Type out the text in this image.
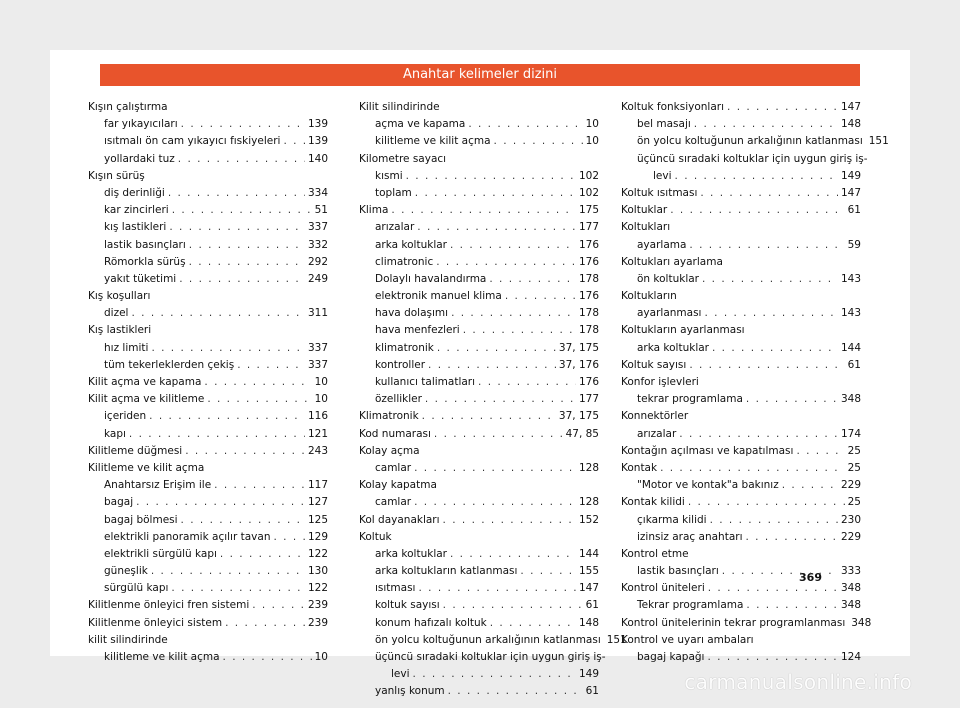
Anahtar kelimeler dizini
369
Kışın çalıştırma
far yıkayıcıları . . .	139
ısıtmalı ön cam yıkayıcı fıskiyeleri . . .	139
yollardaki tuz . . .	140
Kışın sürüş
diş derinliği . . .	334
kar zincirleri . . .	51
kış lastikleri . . .	337
lastik basınçları . . .	332
Römorkla sürüş . . .	292
yakıt tüketimi . . .	249
Kış koşulları
dizel . . .	311
Kış lastikleri
hız limiti . . .	337
tüm tekerleklerden çekiş . . .	337
Kilit açma ve kapama . . .	10
Kilit açma ve kilitleme . . .	10
içeriden . . .	116
kapı . . .	121
Kilitleme düğmesi . . .	243
Kilitleme ve kilit açma
Anahtarsız Erişim ile . . .	117
bagaj . . .	127
bagaj bölmesi . . .	125
elektrikli panoramik açılır tavan . . .	129
elektrikli sürgülü kapı . . .	122
güneşlik . . .	130
sürgülü kapı . . .	122
Kilitlenme önleyici fren sistemi . . .	239
Kilitlenme önleyici sistem . . .	239
kilit silindirinde
kilitleme ve kilit açma . . .	10
Kilit silindirinde
açma ve kapama . . .	10
kilitleme ve kilit açma . . .	10
Kilometre sayacı
kısmi . . .	102
toplam . . .	102
Klima . . .	175
arızalar . . .	177
arka koltuklar . . .	176
climatronic . . .	176
Dolaylı havalandırma . . .	178
elektronik manuel klima . . .	176
hava dolaşımı . . .	178
hava menfezleri . . .	178
klimatronik . . .	37, 175
kontroller . . .	37, 176
kullanıcı talimatları . . .	176
özellikler . . .	177
Klimatronik . . .	37, 175
Kod numarası . . .	47, 85
Kolay açma
camlar . . .	128
Kolay kapatma
camlar . . .	128
Kol dayanakları . . .	152
Koltuk
arka koltuklar . . .	144
arka koltukların katlanması . . .	155
ısıtması . . .	147
koltuk sayısı . . .	61
konum hafızalı koltuk . . .	148
ön yolcu koltuğunun arkalığının katlanması 151
üçüncü sıradaki koltuklar için uygun giriş iş-
levi . . .	149
yanlış konum . . .	61
Koltuk fonksiyonları . . .	147
bel masajı . . .	148
ön yolcu koltuğunun arkalığının katlanması 151
üçüncü sıradaki koltuklar için uygun giriş iş-
levi . . .	149
Koltuk ısıtması . . .	147
Koltuklar . . .	61
Koltukları
ayarlama . . .	59
Koltukları ayarlama
ön koltuklar . . .	143
Koltukların
ayarlanması . . .	143
Koltukların ayarlanması
arka koltuklar . . .	144
Koltuk sayısı . . .	61
Konfor işlevleri
tekrar programlama . . .	348
Konnektörler
arızalar . . .	174
Kontağın açılması ve kapatılması . . .	25
Kontak . . .	25
"Motor ve kontak"a bakınız . . .	229
Kontak kilidi . . .	25
çıkarma kilidi . . .	230
izinsiz araç anahtarı . . .	229
Kontrol etme
lastik basınçları . . .	333
Kontrol üniteleri . . .	348
Tekrar programlama . . .	348
Kontrol ünitelerinin tekrar programlanması 348
Kontrol ve uyarı ambaları
bagaj kapağı . . .	124
carmanualsonline.info
